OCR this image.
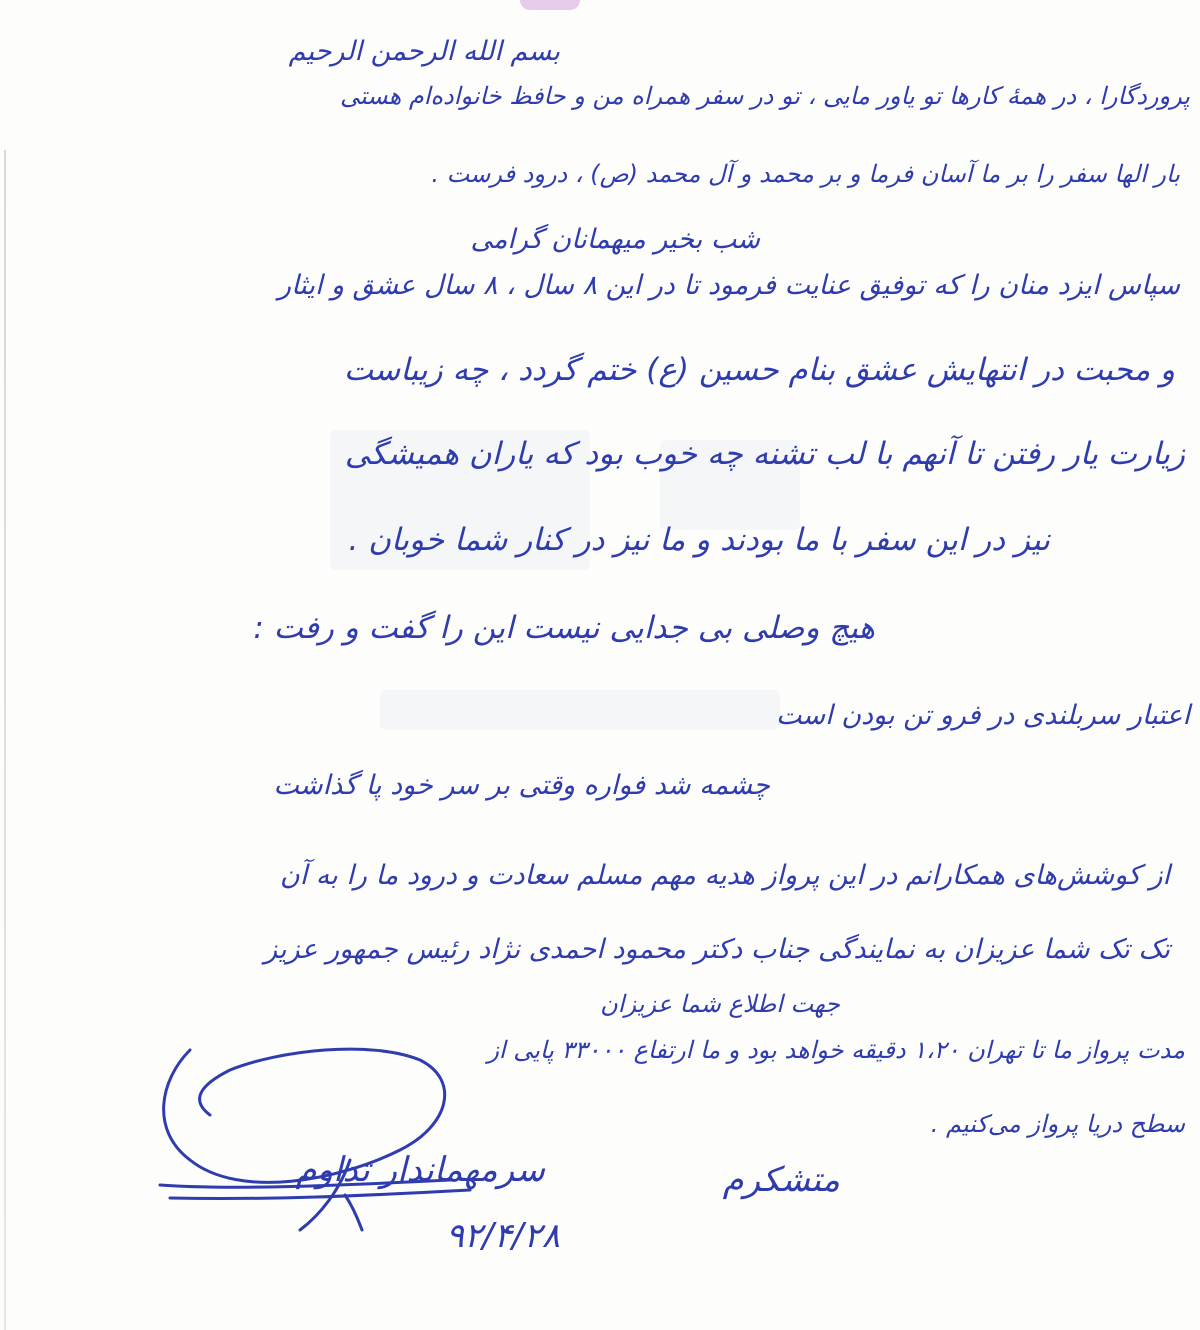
بسم الله الرحمن الرحیم
پروردگارا ، در همهٔ کارها تو یاور مایی ، تو در سفر همراه من و حافظ خانواده‌ام هستی
بار الها سفر را بر ما آسان فرما و بر محمد و آل محمد (ص) ، درود فرست .
شب بخیر میهمانان گرامی
سپاس ایزد منان را که توفیق عنایت فرمود تا در این ۸ سال ، ۸ سال عشق و ایثار
و محبت در انتهایش عشق بنام حسین (ع) ختم گردد ، چه زیباست
زیارت یار رفتن تا آنهم با لب تشنه چه خوب بود که یاران همیشگی
نیز در این سفر با ما بودند و ما نیز در کنار شما خوبان .
هیچ وصلی بی جدایی نیست این را گفت و رفت :
اعتبار سربلندی در فرو تن بودن است
چشمه شد فواره وقتی بر سر خود پا گذاشت
از کوشش‌های همکارانم در این پرواز هدیه مهم مسلم سعادت و درود ما را به آن
تک تک شما عزیزان به نمایندگی جناب دکتر محمود احمدی نژاد رئیس جمهور عزیز
جهت اطلاع شما عزیزان
مدت پرواز ما تا تهران ۱،۲۰ دقیقه خواهد بود و ما ارتفاع ۳۳۰۰۰ پایی از
سطح دریا پرواز می‌کنیم .
سرمهماندار تداوم	متشکرم
۹۲/۴/۲۸
